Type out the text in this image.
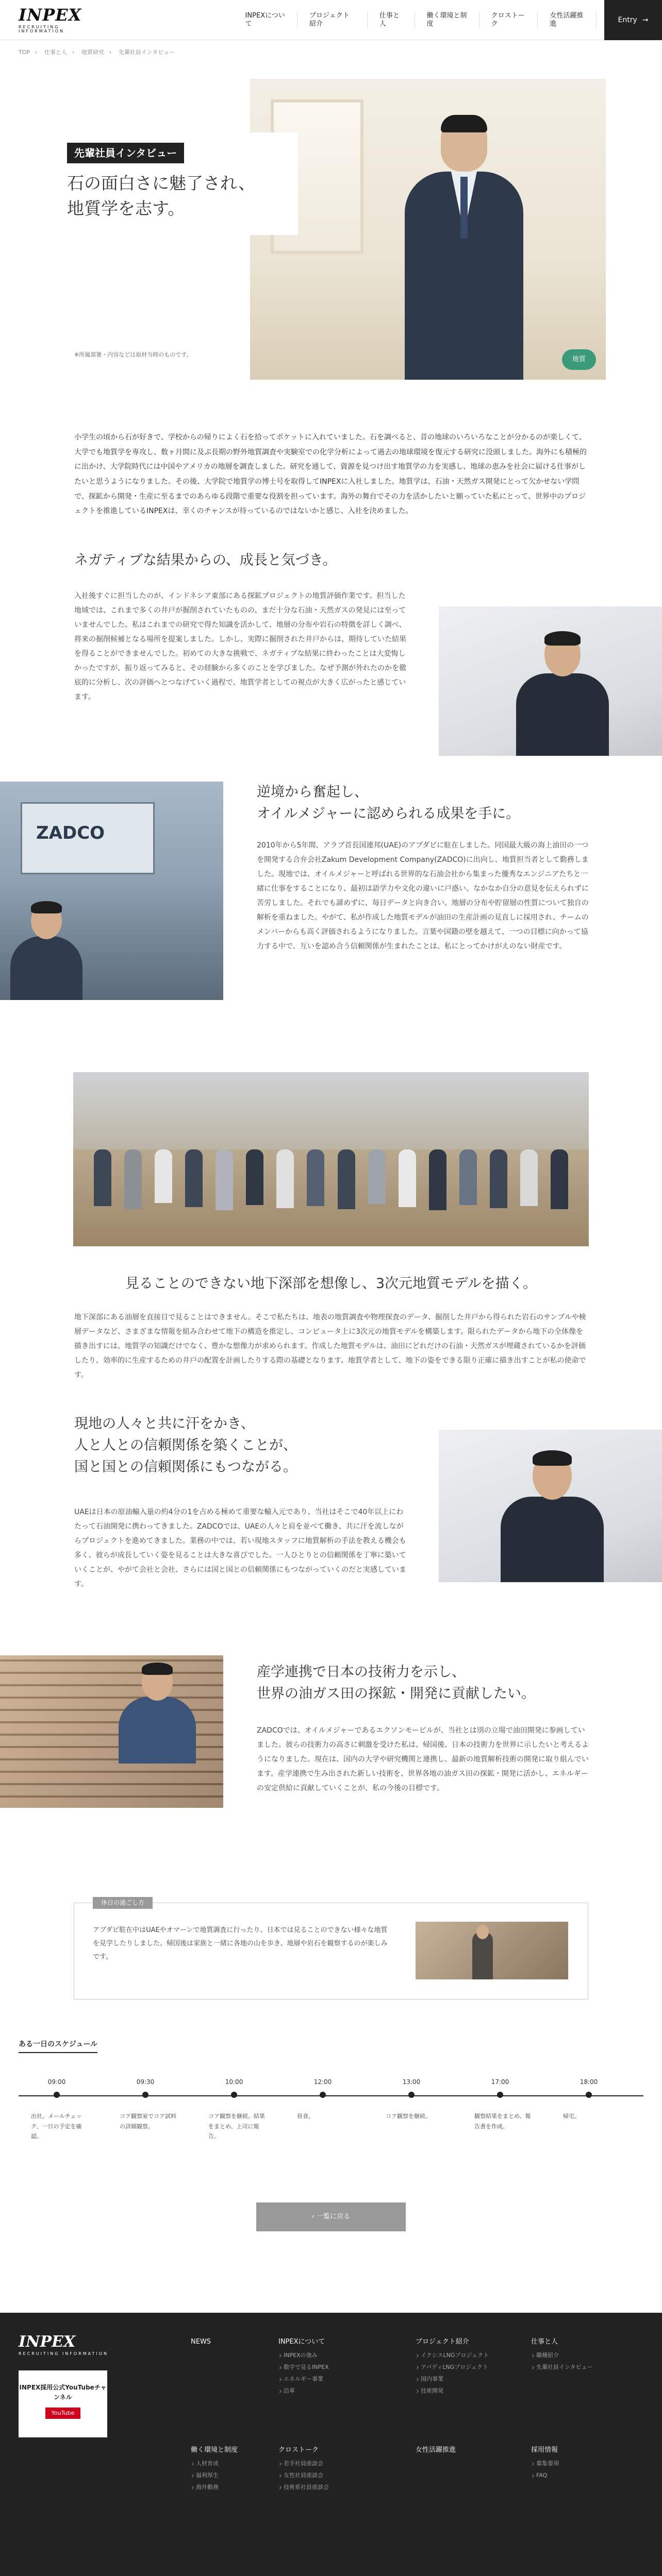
INPEX
RECRUITING INFORMATION
INPEXについて
プロジェクト紹介
仕事と人
働く環境と制度
クロストーク
女性活躍推進	Entry →
TOP › 仕事と人 › 地質研究 › 先輩社員インタビュー
先輩社員インタビュー
石の面白さに魅了され、
地質学を志す。
※所属部署・内容などは取材当時のものです。
地質

小学生の頃から石が好きで、学校からの帰りによく石を拾ってポケットに入れていました。石を調べると、昔の地球のいろいろなことが分かるのが楽しくて、大学でも地質学を専攻し、数ヶ月間に及ぶ長期の野外地質調査や実験室での化学分析によって過去の地球環境を復元する研究に没頭しました。海外にも積極的に出かけ、大学院時代には中国やアメリカの地層を調査しました。研究を通して、資源を見つけ出す地質学の力を実感し、地球の恵みを社会に届ける仕事がしたいと思うようになりました。その後、大学院で地質学の博士号を取得してINPEXに入社しました。地質学は、石油・天然ガス開発にとって欠かせない学問で、探鉱から開発・生産に至るまでのあらゆる段階で重要な役割を担っています。海外の舞台でその力を活かしたいと願っていた私にとって、世界中のプロジェクトを推進しているINPEXは、幸くのチャンスが待っているのではないかと感じ、入社を決めました。

ネガティブな結果からの、成長と気づき。

入社後すぐに担当したのが、インドネシア東部にある探鉱プロジェクトの地質評価作業です。担当した地域では、これまで多くの井戸が掘削されていたものの、まだ十分な石油・天然ガスの発見には至っていませんでした。私はこれまでの研究で得た知識を活かして、地層の分布や岩石の特徴を詳しく調べ、将来の掘削候補となる場所を提案しました。しかし、実際に掘削された井戸からは、期待していた結果を得ることができませんでした。初めての大きな挑戦で、ネガティブな結果に終わったことは大変悔しかったですが、振り返ってみると、その経験から多くのことを学びました。なぜ予測が外れたのかを徹底的に分析し、次の評価へとつなげていく過程で、地質学者としての視点が大きく広がったと感じています。

ZADCO
逆境から奮起し、
オイルメジャーに認められる成果を手に。

2010年から5年間、アラブ首長国連邦(UAE)のアブダビに駐在しました。同国最大級の海上油田の一つを開発する合弁会社Zakum Development Company(ZADCO)に出向し、地質担当者として勤務しました。現地では、オイルメジャーと呼ばれる世界的な石油会社から集まった優秀なエンジニアたちと一緒に仕事をすることになり、最初は語学力や文化の違いに戸惑い、なかなか自分の意見を伝えられずに苦労しました。それでも諦めずに、毎日データと向き合い、地層の分布や貯留層の性質について独自の解析を重ねました。やがて、私が作成した地質モデルが油田の生産計画の見直しに採用され、チームのメンバーからも高く評価されるようになりました。言葉や国籍の壁を越えて、一つの目標に向かって協力する中で、互いを認め合う信頼関係が生まれたことは、私にとってかけがえのない財産です。

見ることのできない地下深部を想像し、3次元地質モデルを描く。

地下深部にある油層を直接目で見ることはできません。そこで私たちは、地表の地質調査や物理探査のデータ、掘削した井戸から得られた岩石のサンプルや検層データなど、さまざまな情報を組み合わせて地下の構造を推定し、コンピュータ上に3次元の地質モデルを構築します。限られたデータから地下の全体像を描き出すには、地質学の知識だけでなく、豊かな想像力が求められます。作成した地質モデルは、油田にどれだけの石油・天然ガスが埋蔵されているかを評価したり、効率的に生産するための井戸の配置を計画したりする際の基礎となります。地質学者として、地下の姿をできる限り正確に描き出すことが私の使命です。

現地の人々と共に汗をかき、
人と人との信頼関係を築くことが、
国と国との信頼関係にもつながる。

UAEは日本の原油輸入量の約4分の1を占める極めて重要な輸入元であり、当社はそこで40年以上にわたって石油開発に携わってきました。ZADCOでは、UAEの人々と肩を並べて働き、共に汗を流しながらプロジェクトを進めてきました。業務の中では、若い現地スタッフに地質解析の手法を教える機会も多く、彼らが成長していく姿を見ることは大きな喜びでした。一人ひとりとの信頼関係を丁寧に築いていくことが、やがて会社と会社、さらには国と国との信頼関係にもつながっていくのだと実感しています。

産学連携で日本の技術力を示し、
世界の油ガス田の探鉱・開発に貢献したい。

ZADCOでは、オイルメジャーであるエクソンモービルが、当社とは別の立場で油田開発に参画していました。彼らの技術力の高さに刺激を受けた私は、帰国後、日本の技術力を世界に示したいと考えるようになりました。現在は、国内の大学や研究機関と連携し、最新の地質解析技術の開発に取り組んでいます。産学連携で生み出された新しい技術を、世界各地の油ガス田の探鉱・開発に活かし、エネルギーの安定供給に貢献していくことが、私の今後の目標です。

休日の過ごし方

アブダビ駐在中はUAEやオマーンで地質調査に行ったり、日本では見ることのできない様々な地質を見学したりしました。帰国後は家族と一緒に各地の山を歩き、地層や岩石を観察するのが楽しみです。

ある一日のスケジュール
09:00
出社。メールチェック、一日の予定を確認。
09:30
コア観察室でコア試料の詳細観察。
10:00
コア観察を継続。結果をまとめ、上司に報告。
12:00
昼食。
13:00
コア観察を継続。
17:00
観察結果をまとめ、報告書を作成。
18:00
帰宅。
‹ 一覧に戻る
INPEX
RECRUITING INFORMATION
INPEX採用公式YouTubeチャンネル
YouTube
NEWS	INPEXについて
INPEXの強み
数字で見るINPEX
エネルギー事業
沿革
プロジェクト紹介
イクシスLNGプロジェクト
アバディLNGプロジェクト
国内事業
技術開発
仕事と人
職種紹介
先輩社員インタビュー
働く環境と制度
人材育成
福利厚生
海外勤務
クロストーク
若手社員座談会
女性社員座談会
技術系社員座談会
女性活躍推進	採用情報
募集要項
FAQ
